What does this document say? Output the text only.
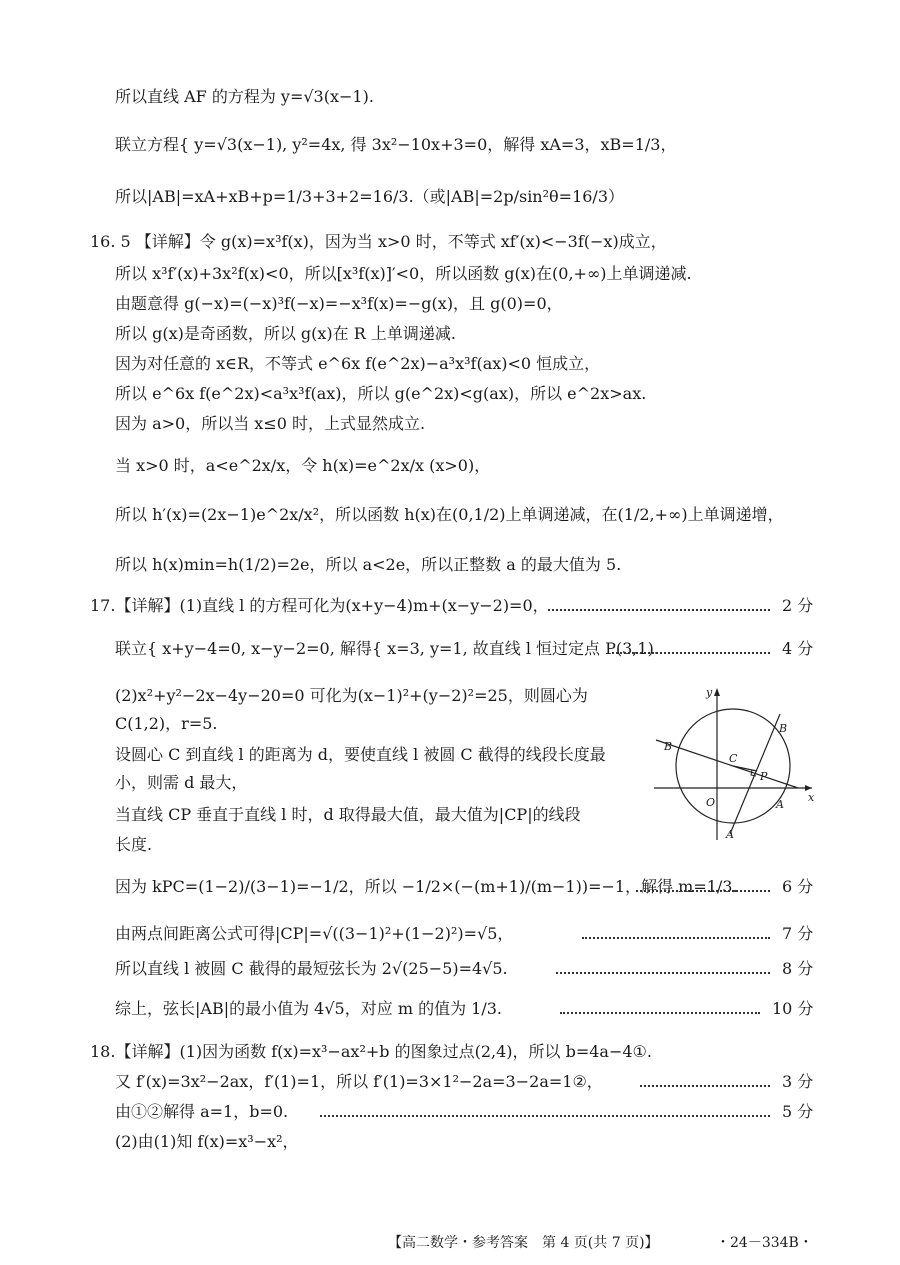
所以直线 AF 的方程为 y=√3(x−1).
联立方程{ y=√3(x−1), y²=4x, 得 3x²−10x+3=0，解得 xA=3，xB=1/3，
所以|AB|=xA+xB+p=1/3+3+2=16/3.（或|AB|=2p/sin²θ=16/3）
16. 5 【详解】令 g(x)=x³f(x)，因为当 x>0 时，不等式 xf′(x)<−3f(−x)成立，
所以 x³f′(x)+3x²f(x)<0，所以[x³f(x)]′<0，所以函数 g(x)在(0,+∞)上单调递减.
由题意得 g(−x)=(−x)³f(−x)=−x³f(x)=−g(x)，且 g(0)=0，
所以 g(x)是奇函数，所以 g(x)在 R 上单调递减.
因为对任意的 x∈R，不等式 e^6x f(e^2x)−a³x³f(ax)<0 恒成立，
所以 e^6x f(e^2x)<a³x³f(ax)，所以 g(e^2x)<g(ax)，所以 e^2x>ax.
因为 a>0，所以当 x≤0 时，上式显然成立.
当 x>0 时，a<e^2x/x，令 h(x)=e^2x/x (x>0)，
所以 h′(x)=(2x−1)e^2x/x²，所以函数 h(x)在(0,1/2)上单调递减，在(1/2,+∞)上单调递增，
所以 h(x)min=h(1/2)=2e，所以 a<2e，所以正整数 a 的最大值为 5.
17.【详解】(1)直线 l 的方程可化为(x+y−4)m+(x−y−2)=0，
联立{ x+y−4=0, x−y−2=0, 解得{ x=3, y=1, 故直线 l 恒过定点 P(3,1).
(2)x²+y²−2x−4y−20=0 可化为(x−1)²+(y−2)²=25，则圆心为
C(1,2)，r=5.
设圆心 C 到直线 l 的距离为 d，要使直线 l 被圆 C 截得的线段长度最
小，则需 d 最大，
当直线 CP 垂直于直线 l 时，d 取得最大值，最大值为|CP|的线段
长度.
因为 kPC=(1−2)/(3−1)=−1/2，所以 −1/2×(−(m+1)/(m−1))=−1，解得 m=1/3.
由两点间距离公式可得|CP|=√((3−1)²+(1−2)²)=√5，
所以直线 l 被圆 C 截得的最短弦长为 2√(25−5)=4√5.
综上，弦长|AB|的最小值为 4√5，对应 m 的值为 1/3.
18.【详解】(1)因为函数 f(x)=x³−ax²+b 的图象过点(2,4)，所以 b=4a−4①.
又 f′(x)=3x²−2ax，f′(1)=1，所以 f′(1)=3×1²−2a=3−2a=1②，
由①②解得 a=1，b=0.
(2)由(1)知 f(x)=x³−x²，
2 分
4 分
6 分
7 分
8 分
10 分
3 分
5 分
x
y
O
C
P
A
A
B
B
【高二数学・参考答案　第 4 页(共 7 页)】	・24－334B・
